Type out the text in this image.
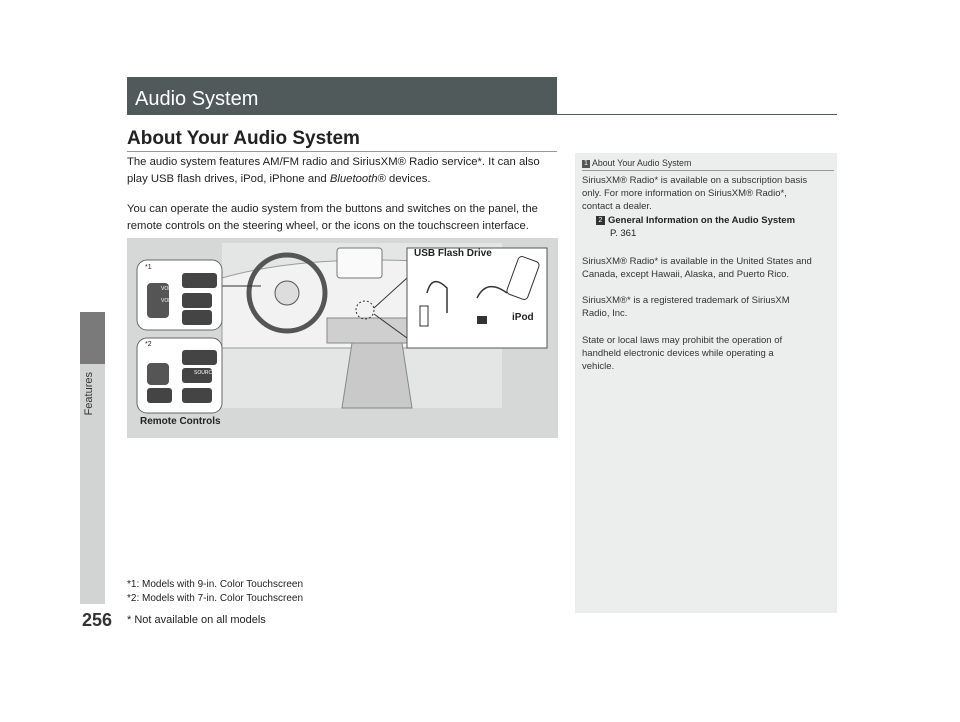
Features
256
Audio System
About Your Audio System
The audio system features AM/FM radio and SiriusXM® Radio service*. It can also
play USB flash drives, iPod, iPhone and Bluetooth® devices.
You can operate the audio system from the buttons and switches on the panel, the
remote controls on the steering wheel, or the icons on the touchscreen interface.
USB Flash Drive
iPod
Remote Controls
*1
*2
VOL +
VOL -
SOURCE
*1: Models with 9-in. Color Touchscreen
*2: Models with 7-in. Color Touchscreen
* Not available on all models
1 About Your Audio System
SiriusXM® Radio* is available on a subscription basis
only. For more information on SiriusXM® Radio*,
contact a dealer.
2 General Information on the Audio System
P. 361
SiriusXM® Radio* is available in the United States and
Canada, except Hawaii, Alaska, and Puerto Rico.
SiriusXM®* is a registered trademark of SiriusXM
Radio, Inc.
State or local laws may prohibit the operation of
handheld electronic devices while operating a
vehicle.
